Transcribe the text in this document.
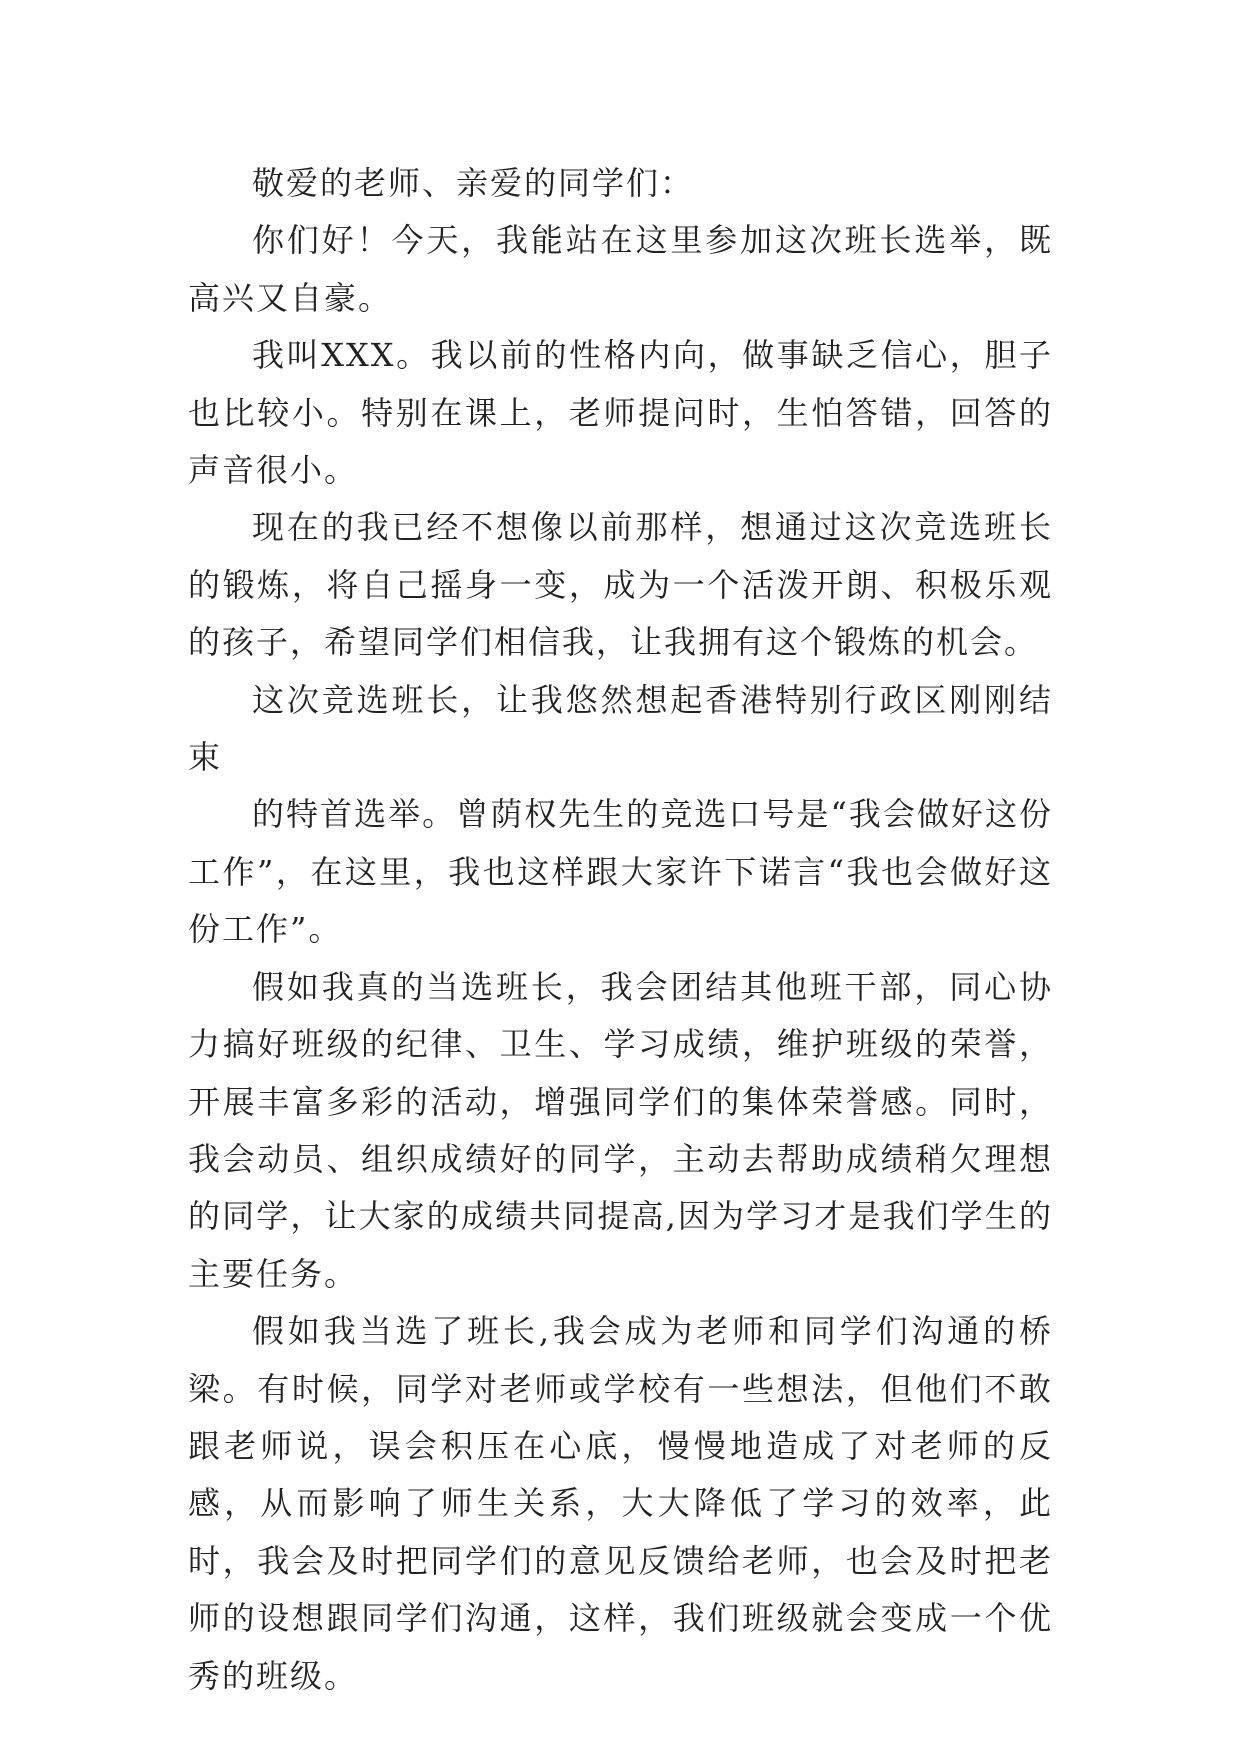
敬爱的老师、亲爱的同学们：

你们好！今天，我能站在这里参加这次班长选举，既高兴又自豪。

我叫XXX。我以前的性格内向，做事缺乏信心，胆子也比较小。特别在课上，老师提问时，生怕答错，回答的声音很小。

现在的我已经不想像以前那样，想通过这次竞选班长的锻炼，将自己摇身一变，成为一个活泼开朗、积极乐观的孩子，希望同学们相信我，让我拥有这个锻炼的机会。

这次竞选班长，让我悠然想起香港特别行政区刚刚结束

的特首选举。曾荫权先生的竞选口号是“我会做好这份工作”，在这里，我也这样跟大家许下诺言“我也会做好这份工作”。

假如我真的当选班长，我会团结其他班干部，同心协力搞好班级的纪律、卫生、学习成绩，维护班级的荣誉，开展丰富多彩的活动，增强同学们的集体荣誉感。同时，我会动员、组织成绩好的同学，主动去帮助成绩稍欠理想的同学，让大家的成绩共同提高,因为学习才是我们学生的主要任务。

假如我当选了班长,我会成为老师和同学们沟通的桥梁。有时候，同学对老师或学校有一些想法，但他们不敢跟老师说，误会积压在心底，慢慢地造成了对老师的反感，从而影响了师生关系，大大降低了学习的效率，此时，我会及时把同学们的意见反馈给老师，也会及时把老师的设想跟同学们沟通，这样，我们班级就会变成一个优秀的班级。
